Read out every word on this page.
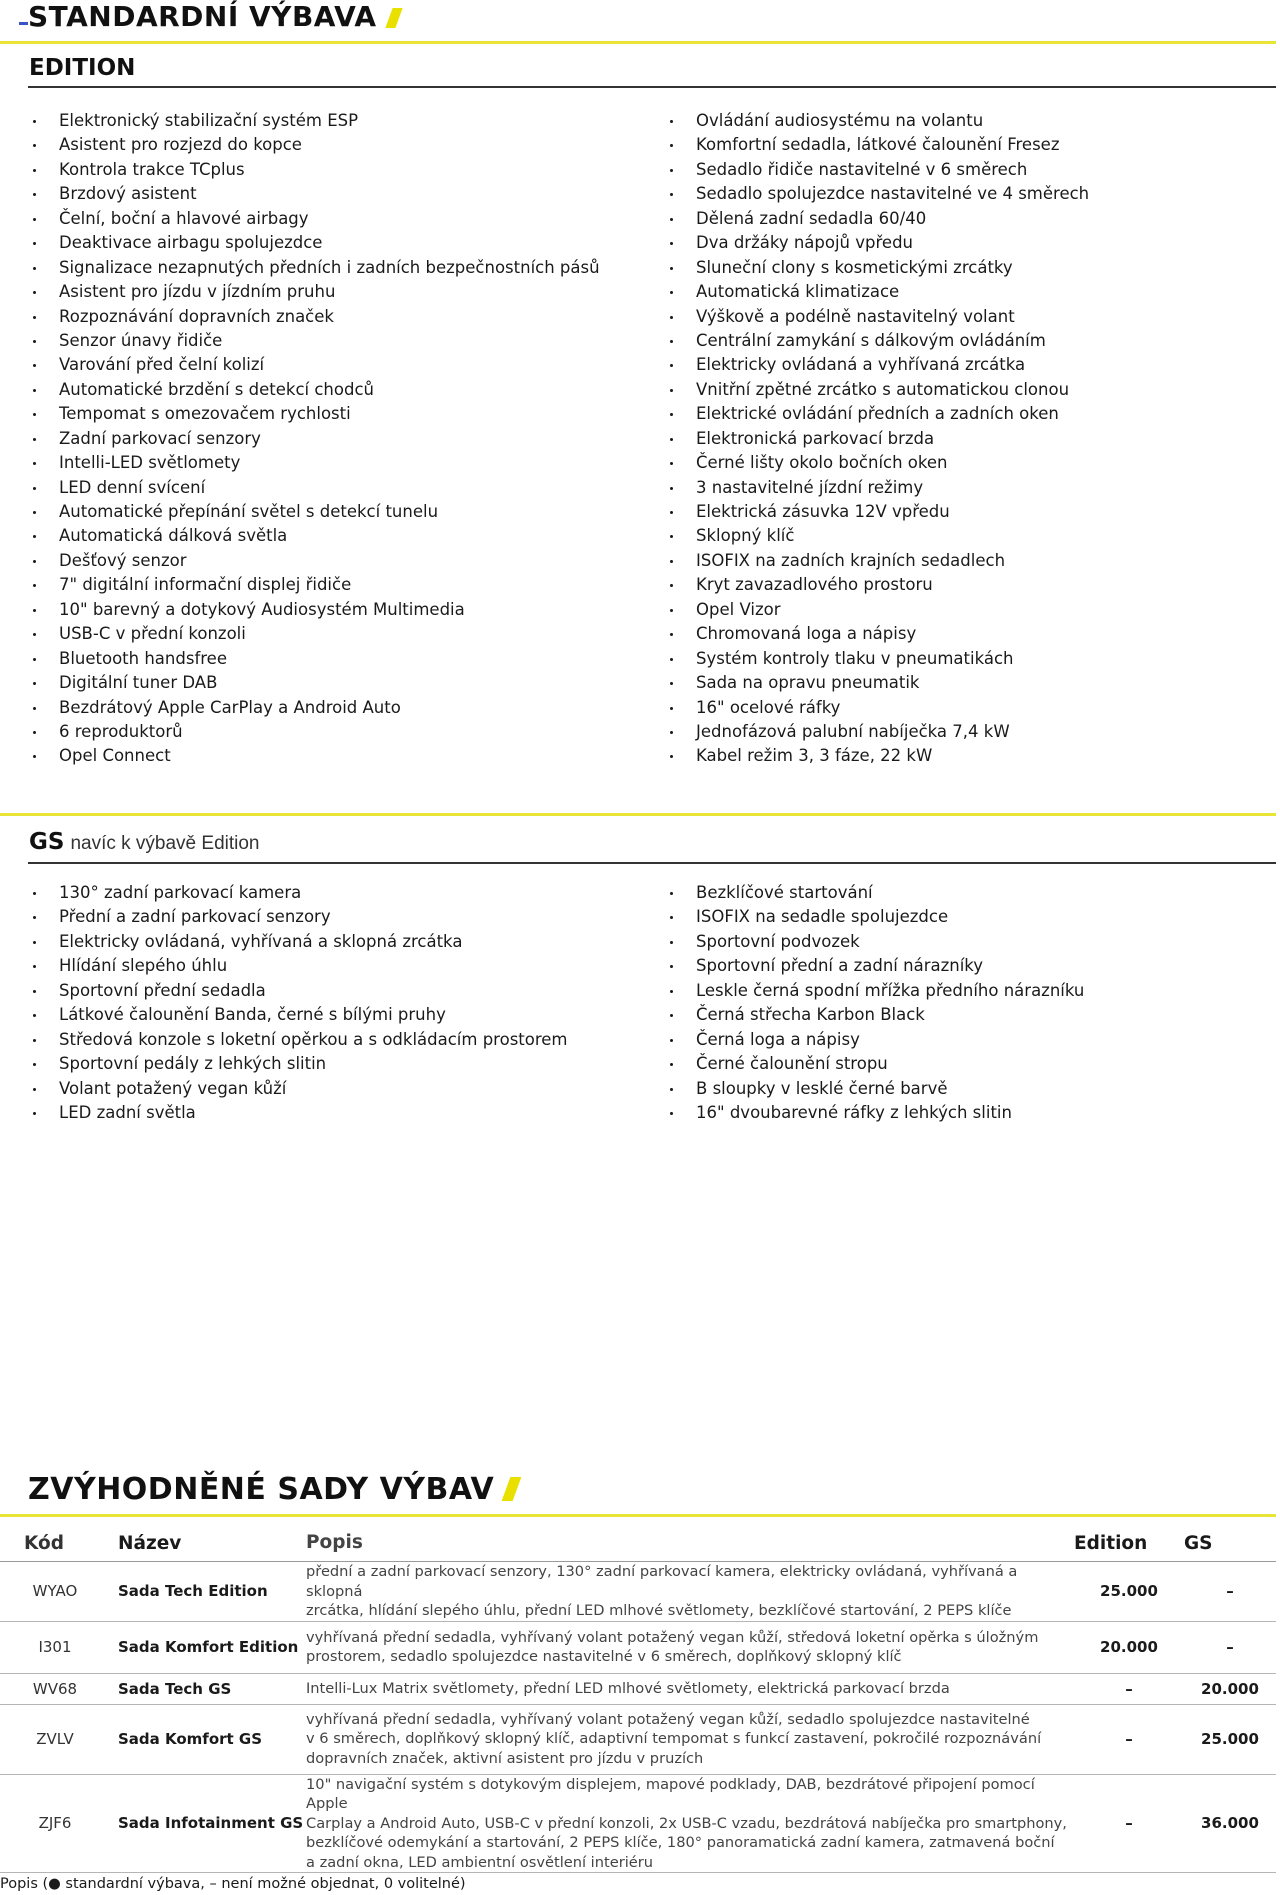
STANDARDNÍ VÝBAVA
EDITION
Elektronický stabilizační systém ESP
Asistent pro rozjezd do kopce
Kontrola trakce TCplus
Brzdový asistent
Čelní, boční a hlavové airbagy
Deaktivace airbagu spolujezdce
Signalizace nezapnutých předních i zadních bezpečnostních pásů
Asistent pro jízdu v jízdním pruhu
Rozpoznávání dopravních značek
Senzor únavy řidiče
Varování před čelní kolizí
Automatické brzdění s detekcí chodců
Tempomat s omezovačem rychlosti
Zadní parkovací senzory
Intelli-LED světlomety
LED denní svícení
Automatické přepínání světel s detekcí tunelu
Automatická dálková světla
Dešťový senzor
7" digitální informační displej řidiče
10" barevný a dotykový Audiosystém Multimedia
USB-C v přední konzoli
Bluetooth handsfree
Digitální tuner DAB
Bezdrátový Apple CarPlay a Android Auto
6 reproduktorů
Opel Connect
Ovládání audiosystému na volantu
Komfortní sedadla, látkové čalounění Fresez
Sedadlo řidiče nastavitelné v 6 směrech
Sedadlo spolujezdce nastavitelné ve 4 směrech
Dělená zadní sedadla 60/40
Dva držáky nápojů vpředu
Sluneční clony s kosmetickými zrcátky
Automatická klimatizace
Výškově a podélně nastavitelný volant
Centrální zamykání s dálkovým ovládáním
Elektricky ovládaná a vyhřívaná zrcátka
Vnitřní zpětné zrcátko s automatickou clonou
Elektrické ovládání předních a zadních oken
Elektronická parkovací brzda
Černé lišty okolo bočních oken
3 nastavitelné jízdní režimy
Elektrická zásuvka 12V vpředu
Sklopný klíč
ISOFIX na zadních krajních sedadlech
Kryt zavazadlového prostoru
Opel Vizor
Chromovaná loga a nápisy
Systém kontroly tlaku v pneumatikách
Sada na opravu pneumatik
16" ocelové ráfky
Jednofázová palubní nabíječka 7,4 kW
Kabel režim 3, 3 fáze, 22 kW
GS navíc k výbavě Edition
130° zadní parkovací kamera
Přední a zadní parkovací senzory
Elektricky ovládaná, vyhřívaná a sklopná zrcátka
Hlídání slepého úhlu
Sportovní přední sedadla
Látkové čalounění Banda, černé s bílými pruhy
Středová konzole s loketní opěrkou a s odkládacím prostorem
Sportovní pedály z lehkých slitin
Volant potažený vegan kůží
LED zadní světla
Bezklíčové startování
ISOFIX na sedadle spolujezdce
Sportovní podvozek
Sportovní přední a zadní nárazníky
Leskle černá spodní mřížka předního nárazníku
Černá střecha Karbon Black
Černá loga a nápisy
Černé čalounění stropu
B sloupky v lesklé černé barvě
16" dvoubarevné ráfky z lehkých slitin
ZVÝHODNĚNÉ SADY VÝBAV
Kód	Název	Popis	Edition	GS
WYAO	Sada Tech Edition	přední a zadní parkovací senzory, 130° zadní parkovací kamera, elektricky ovládaná, vyhřívaná a sklopná
zrcátka, hlídání slepého úhlu, přední LED mlhové světlomety, bezklíčové startování, 2 PEPS klíče	25.000	–
I301	Sada Komfort Edition	vyhřívaná přední sedadla, vyhřívaný volant potažený vegan kůží, středová loketní opěrka s úložným
prostorem, sedadlo spolujezdce nastavitelné v 6 směrech, doplňkový sklopný klíč	20.000	–
WV68	Sada Tech GS	Intelli-Lux Matrix světlomety, přední LED mlhové světlomety, elektrická parkovací brzda	–	20.000
ZVLV	Sada Komfort GS	vyhřívaná přední sedadla, vyhřívaný volant potažený vegan kůží, sedadlo spolujezdce nastavitelné
v 6 směrech, doplňkový sklopný klíč, adaptivní tempomat s funkcí zastavení, pokročilé rozpoznávání
dopravních značek, aktivní asistent pro jízdu v pruzích	–	25.000
ZJF6	Sada Infotainment GS	10" navigační systém s dotykovým displejem, mapové podklady, DAB, bezdrátové připojení pomocí Apple
Carplay a Android Auto, USB-C v přední konzoli, 2x USB-C vzadu, bezdrátová nabíječka pro smartphony,
bezklíčové odemykání a startování, 2 PEPS klíče, 180° panoramatická zadní kamera, zatmavená boční
a zadní okna, LED ambientní osvětlení interiéru	–	36.000
Popis (● standardní výbava, – není možné objednat, 0 volitelné)
